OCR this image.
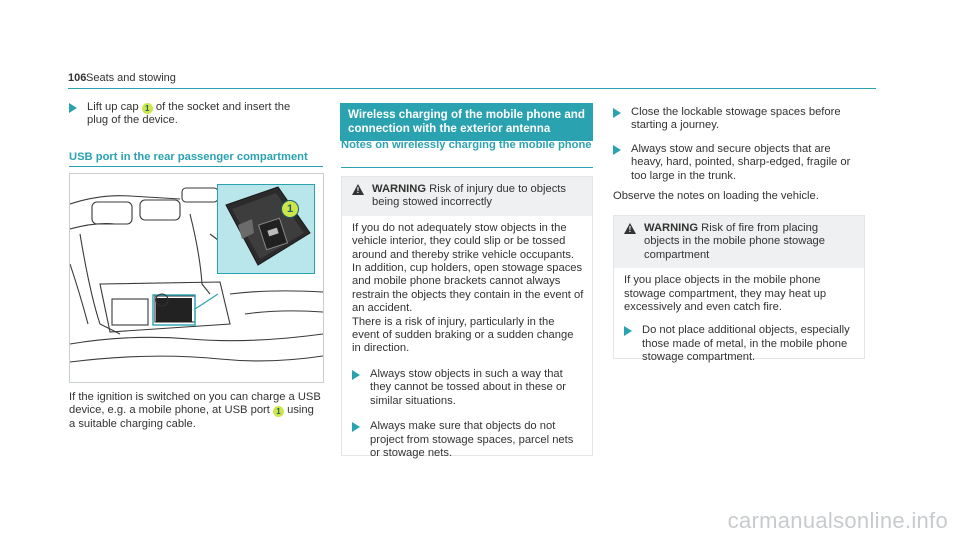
106 Seats and stowing
Lift up cap 1 of the socket and insert the plug of the device.
USB port in the rear passenger compartment
1
If the ignition is switched on you can charge a USB device, e.g. a mobile phone, at USB port 1 using a suitable charging cable.
Wireless charging of the mobile phone and connection with the exterior antenna
Notes on wirelessly charging the mobile phone
! WARNING Risk of injury due to objects being stowed incorrectly
If you do not adequately stow objects in the vehicle interior, they could slip or be tossed around and thereby strike vehicle occupants. In addition, cup holders, open stowage spaces and mobile phone brackets cannot always restrain the objects they contain in the event of an accident.
There is a risk of injury, particularly in the event of sudden braking or a sudden change in direction.
Always stow objects in such a way that they cannot be tossed about in these or similar situations.
Always make sure that objects do not project from stowage spaces, parcel nets or stowage nets.
Close the lockable stowage spaces before starting a journey.
Always stow and secure objects that are heavy, hard, pointed, sharp-edged, fragile or too large in the trunk.
Observe the notes on loading the vehicle.
! WARNING Risk of fire from placing objects in the mobile phone stowage compartment
If you place objects in the mobile phone stowage compartment, they may heat up excessively and even catch fire.
Do not place additional objects, especially those made of metal, in the mobile phone stowage compartment.
carmanualsonline.info
